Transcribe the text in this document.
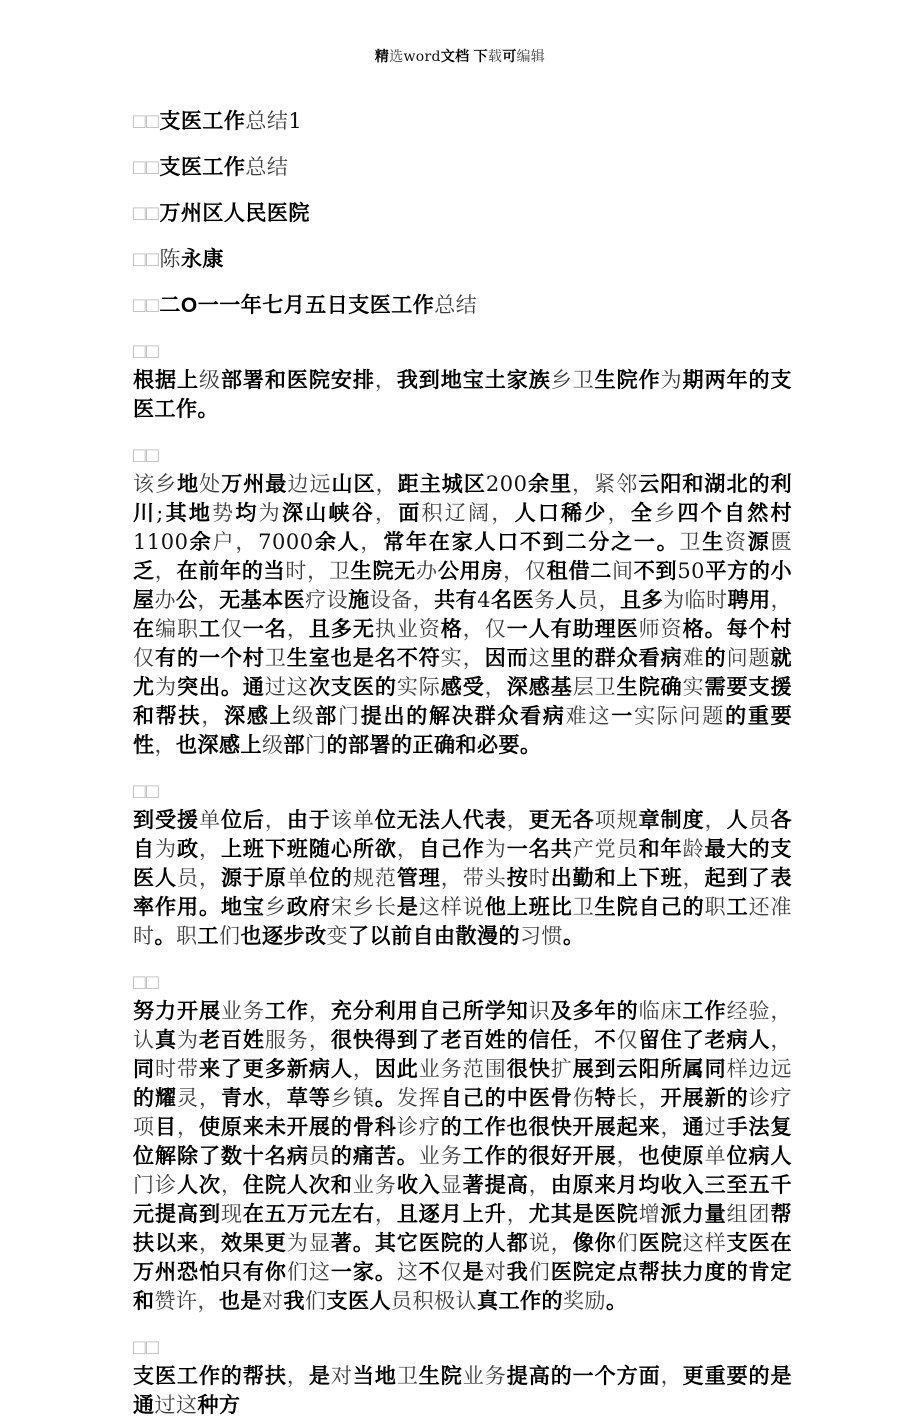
精选word文档 下载可编辑

□□支医工作总结1

□□支医工作总结

□□万州区人民医院

□□陈永康

□□二О一一年七月五日支医工作总结

□□
根据上级部署和医院安排，我到地宝土家族乡卫生院作为期两年的支医工作。

□□
该乡地处万州最边远山区，距主城区200余里，紧邻云阳和湖北的利川;其地势均为深山峡谷，面积辽阔，人口稀少，全乡四个自然村1100余户，7000余人，常年在家人口不到二分之一。卫生资源匮乏，在前年的当时，卫生院无办公用房，仅租借二间不到50平方的小屋办公，无基本医疗设施设备，共有4名医务人员，且多为临时聘用，在编职工仅一名，且多无执业资格，仅一人有助理医师资格。每个村仅有的一个村卫生室也是名不符实，因而这里的群众看病难的问题就尤为突出。通过这次支医的实际感受，深感基层卫生院确实需要支援和帮扶，深感上级部门提出的解决群众看病难这一实际问题的重要性，也深感上级部门的部署的正确和必要。

□□
到受援单位后，由于该单位无法人代表，更无各项规章制度，人员各自为政，上班下班随心所欲，自己作为一名共产党员和年龄最大的支医人员，源于原单位的规范管理，带头按时出勤和上下班，起到了表率作用。地宝乡政府宋乡长是这样说他上班比卫生院自己的职工还准时。职工们也逐步改变了以前自由散漫的习惯。

□□
努力开展业务工作，充分利用自己所学知识及多年的临床工作经验，认真为老百姓服务，很快得到了老百姓的信任，不仅留住了老病人，同时带来了更多新病人，因此业务范围很快扩展到云阳所属同样边远的耀灵，青水，草等乡镇。发挥自己的中医骨伤特长，开展新的诊疗项目，使原来未开展的骨科诊疗的工作也很快开展起来，通过手法复位解除了数十名病员的痛苦。业务工作的很好开展，也使原单位病人门诊人次，住院人次和业务收入显著提高，由原来月均收入三至五千元提高到现在五万元左右，且逐月上升，尤其是医院增派力量组团帮扶以来，效果更为显著。其它医院的人都说，像你们医院这样支医在万州恐怕只有你们这一家。这不仅是对我们医院定点帮扶力度的肯定和赞许，也是对我们支医人员积极认真工作的奖励。

□□
支医工作的帮扶，是对当地卫生院业务提高的一个方面，更重要的是通过这种方
